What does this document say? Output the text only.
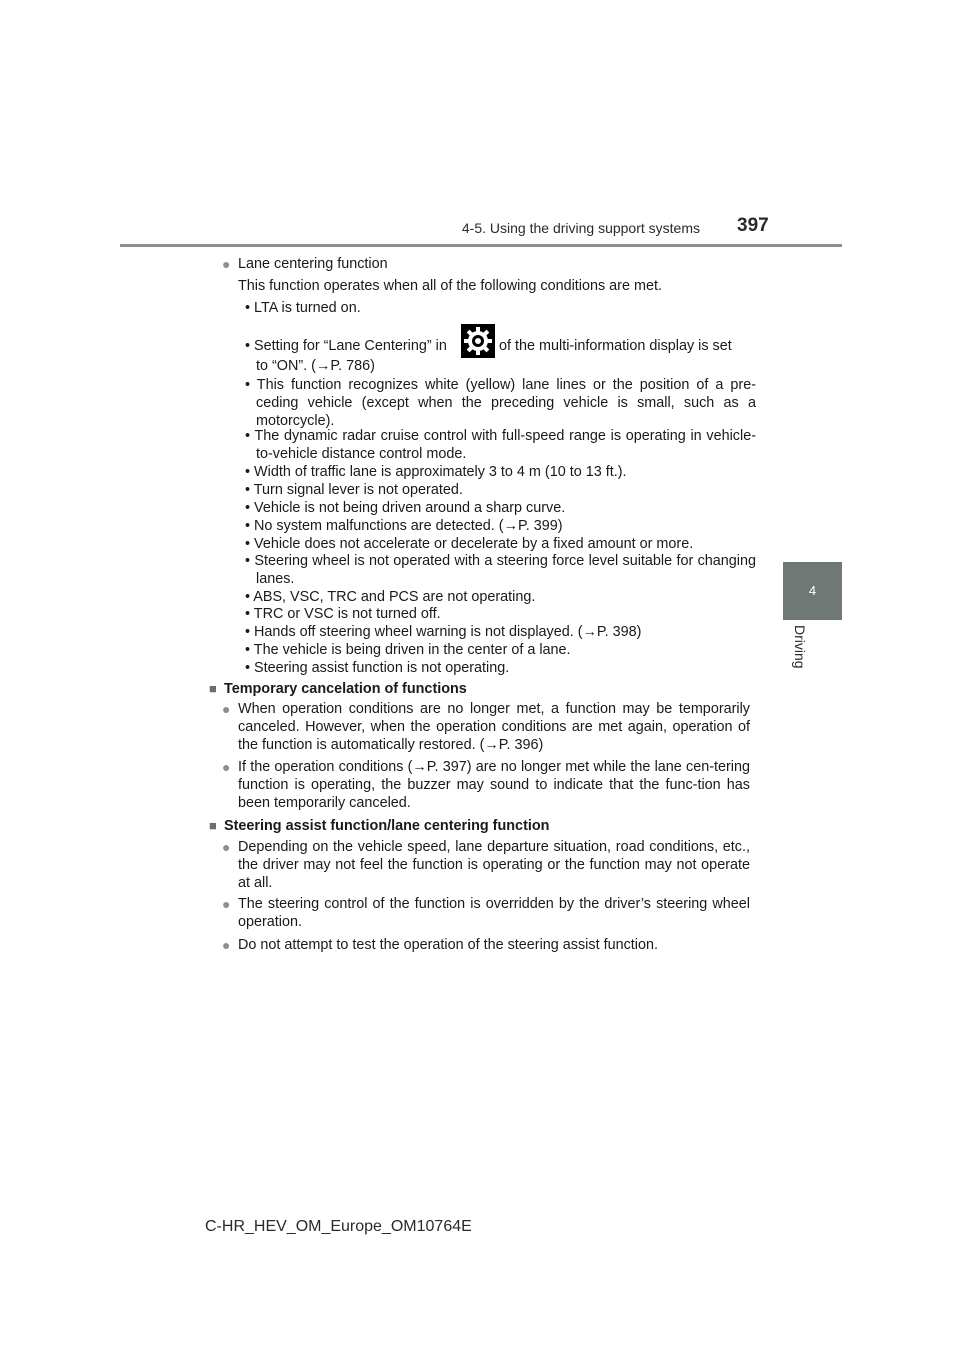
4-5. Using the driving support systems 397
4
Driving
● Lane centering function
This function operates when all of the following conditions are met.
• LTA is turned on.
• Setting for “Lane Centering” in	of the multi-information display is set
to “ON”. (→P. 786)
• This function recognizes white (yellow) lane lines or the position of a pre-ceding vehicle (except when the preceding vehicle is small, such as a motorcycle).
• The dynamic radar cruise control with full-speed range is operating in vehicle-to-vehicle distance control mode.
• Width of traffic lane is approximately 3 to 4 m (10 to 13 ft.).
• Turn signal lever is not operated.
• Vehicle is not being driven around a sharp curve.
• No system malfunctions are detected. (→P. 399)
• Vehicle does not accelerate or decelerate by a fixed amount or more.
• Steering wheel is not operated with a steering force level suitable for changing lanes.
• ABS, VSC, TRC and PCS are not operating.
• TRC or VSC is not turned off.
• Hands off steering wheel warning is not displayed. (→P. 398)
• The vehicle is being driven in the center of a lane.
• Steering assist function is not operating.
■ Temporary cancelation of functions
● When operation conditions are no longer met, a function may be temporarily canceled. However, when the operation conditions are met again, operation of the function is automatically restored. (→P. 396)
● If the operation conditions (→P. 397) are no longer met while the lane cen-tering function is operating, the buzzer may sound to indicate that the func-tion has been temporarily canceled.
■ Steering assist function/lane centering function
● Depending on the vehicle speed, lane departure situation, road conditions, etc., the driver may not feel the function is operating or the function may not operate at all.
● The steering control of the function is overridden by the driver’s steering wheel operation.
● Do not attempt to test the operation of the steering assist function.
C-HR_HEV_OM_Europe_OM10764E
